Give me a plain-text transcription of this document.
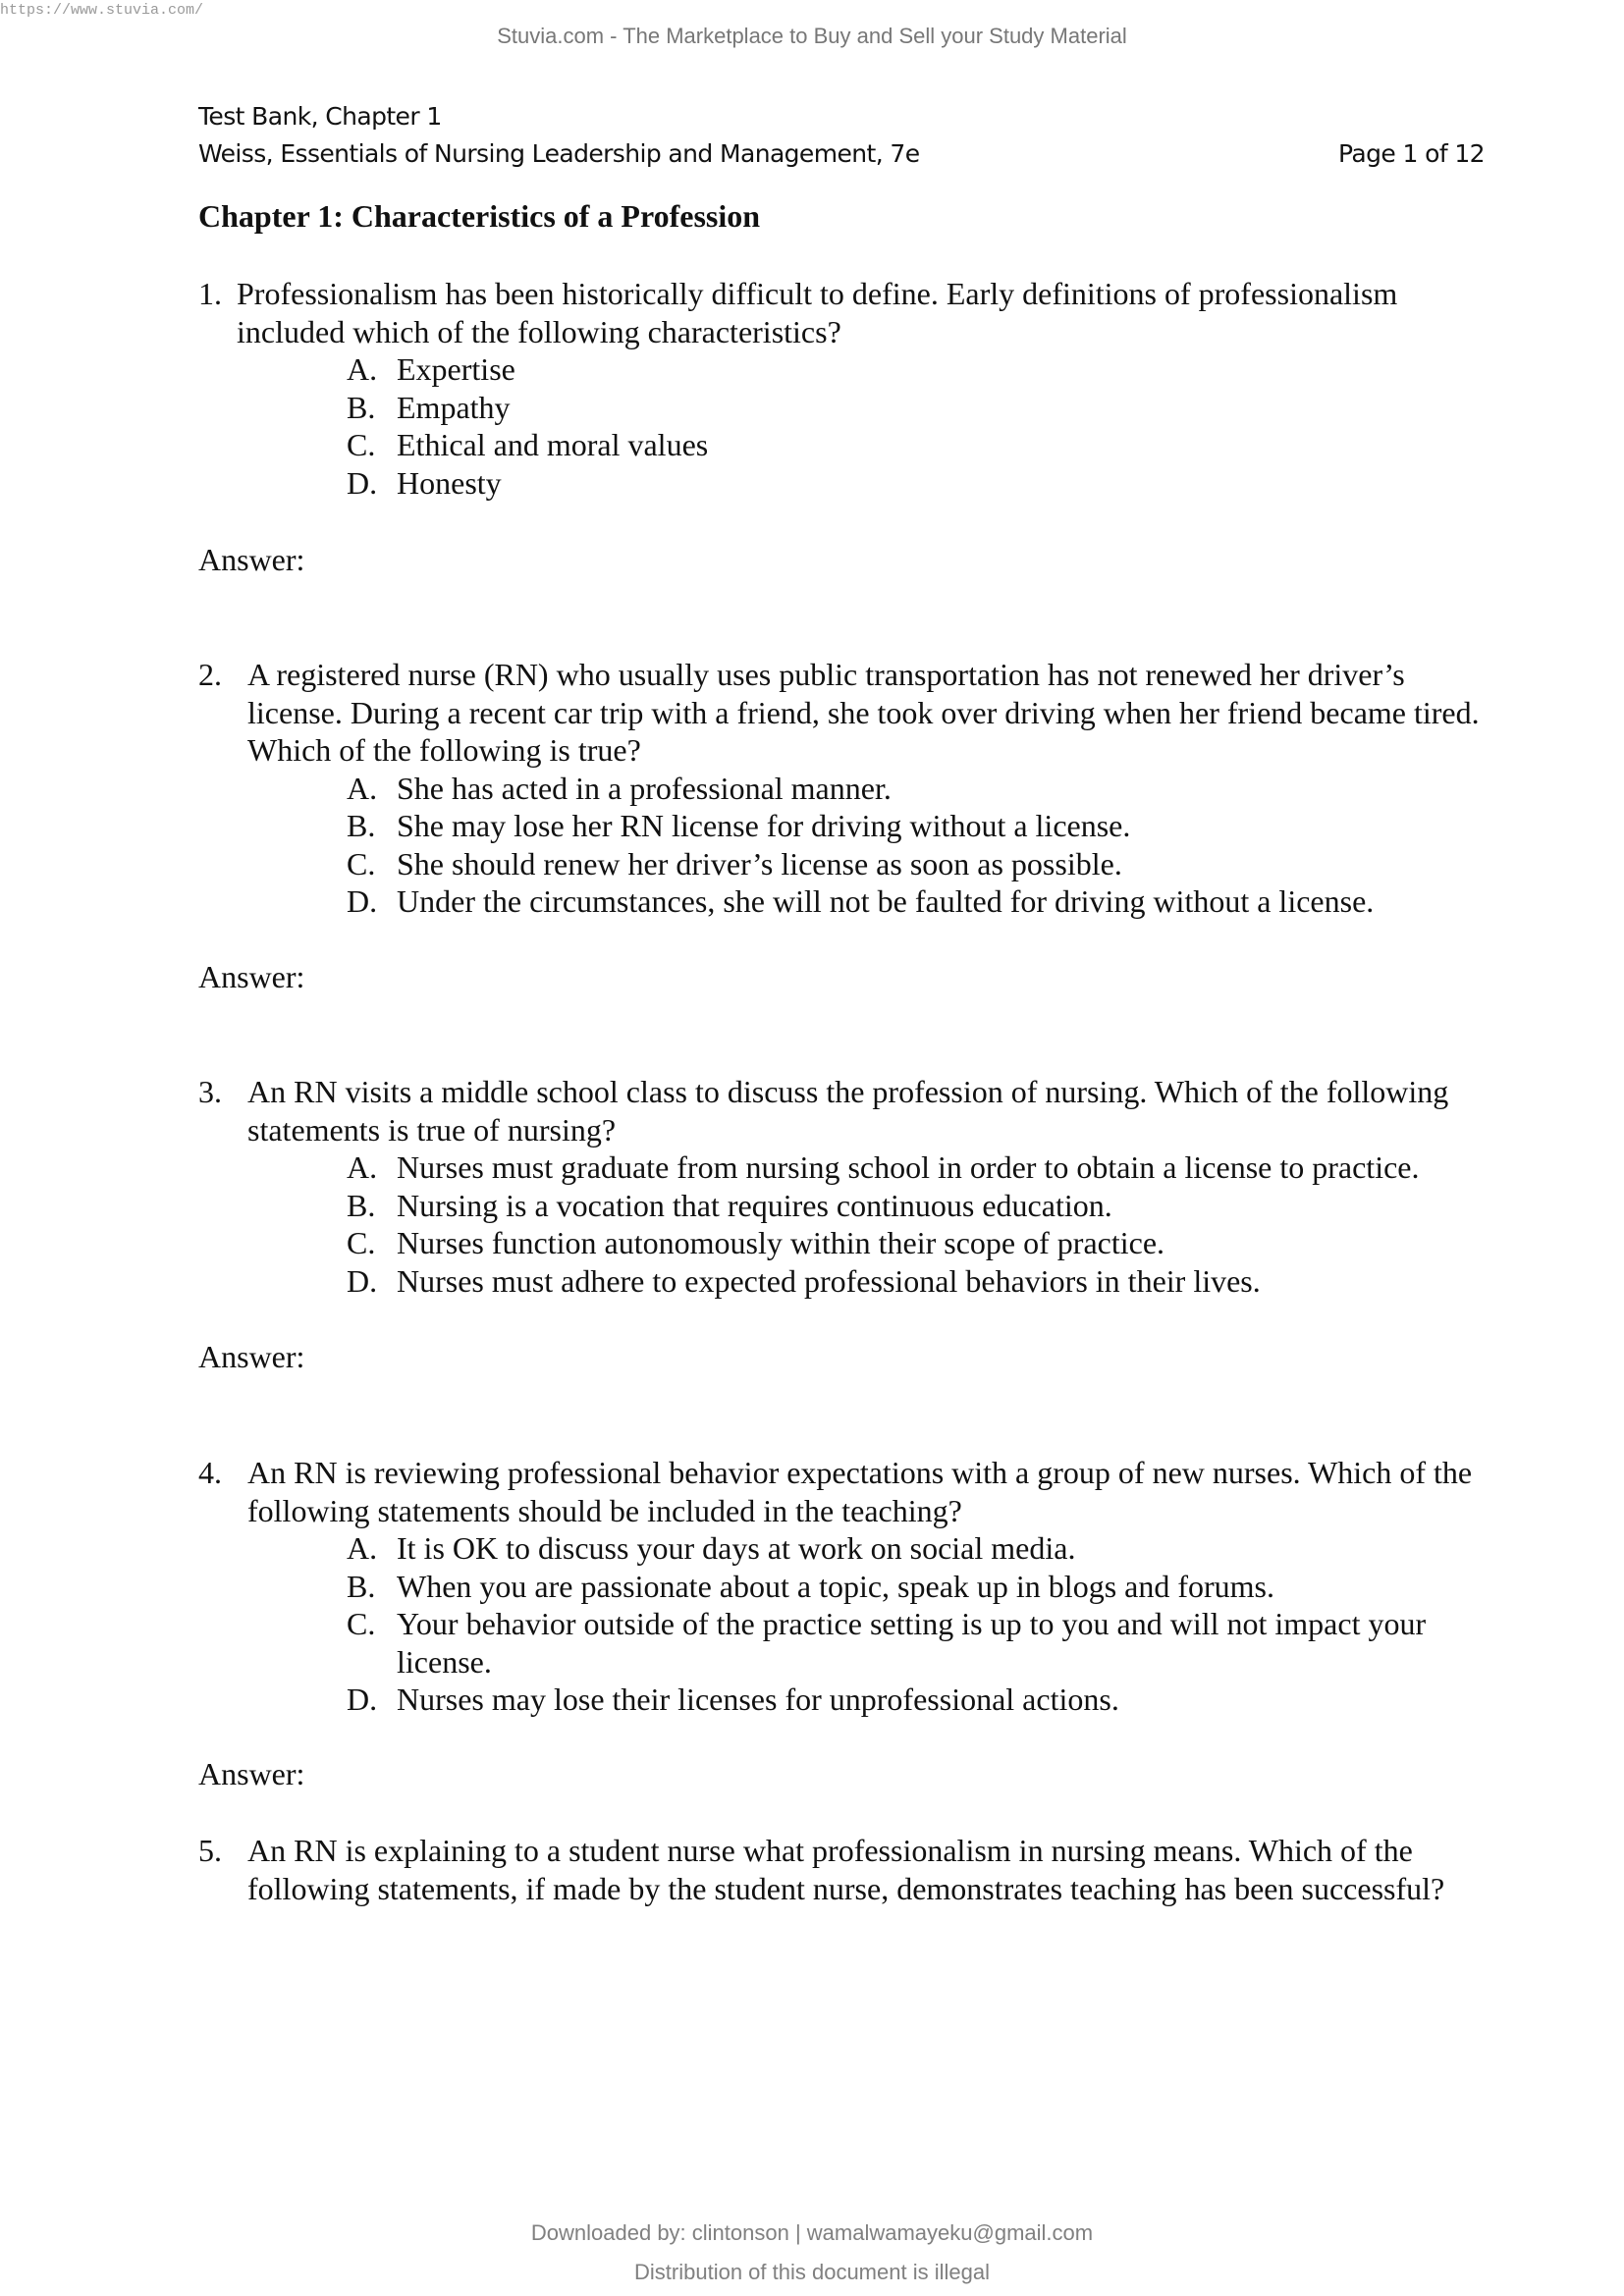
https://www.stuvia.com/
Stuvia.com - The Marketplace to Buy and Sell your Study Material
Test Bank, Chapter 1
Weiss, Essentials of Nursing Leadership and Management, 7e	Page 1 of 12
Chapter 1: Characteristics of a Profession
1. Professionalism has been historically difficult to define. Early definitions of professionalism included which of the following characteristics?
A. Expertise
B. Empathy
C. Ethical and moral values
D. Honesty
Answer:
2. A registered nurse (RN) who usually uses public transportation has not renewed her driver’s license. During a recent car trip with a friend, she took over driving when her friend became tired. Which of the following is true?
A. She has acted in a professional manner.
B. She may lose her RN license for driving without a license.
C. She should renew her driver’s license as soon as possible.
D. Under the circumstances, she will not be faulted for driving without a license.
Answer:
3. An RN visits a middle school class to discuss the profession of nursing. Which of the following statements is true of nursing?
A. Nurses must graduate from nursing school in order to obtain a license to practice.
B. Nursing is a vocation that requires continuous education.
C. Nurses function autonomously within their scope of practice.
D. Nurses must adhere to expected professional behaviors in their lives.
Answer:
4. An RN is reviewing professional behavior expectations with a group of new nurses. Which of the following statements should be included in the teaching?
A. It is OK to discuss your days at work on social media.
B. When you are passionate about a topic, speak up in blogs and forums.
C. Your behavior outside of the practice setting is up to you and will not impact your license.
D. Nurses may lose their licenses for unprofessional actions.
Answer:
5. An RN is explaining to a student nurse what professionalism in nursing means. Which of the following statements, if made by the student nurse, demonstrates teaching has been successful?
Downloaded by: clintonson | wamalwamayeku@gmail.com
Distribution of this document is illegal
